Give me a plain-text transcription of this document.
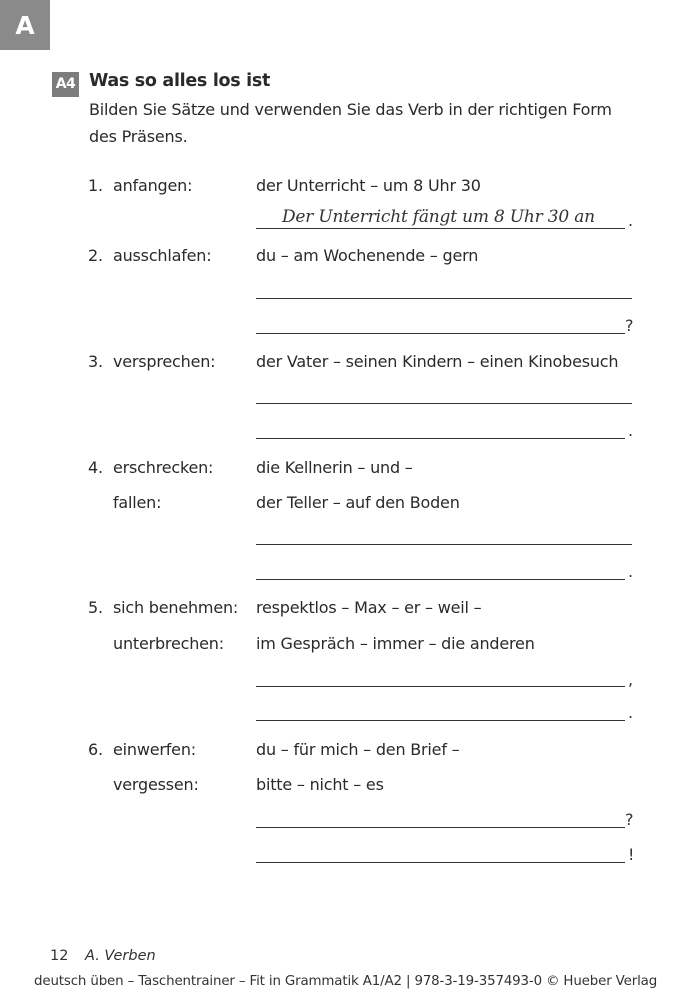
A
A4 Was so alles los ist
Bilden Sie Sätze und verwenden Sie das Verb in der richtigen Form
des Präsens.
1. anfangen:	der Unterricht – um 8 Uhr 30
Der Unterricht fängt um 8 Uhr 30 an .
2. ausschlafen:	du – am Wochenende – gern
?
3. versprechen:	der Vater – seinen Kindern – einen Kinobesuch
.
4. erschrecken:	die Kellnerin – und –
fallen:	der Teller – auf den Boden
.
5. sich benehmen: respektlos – Max – er – weil –
unterbrechen: im Gespräch – immer – die anderen
,
.
6. einwerfen:	du – für mich – den Brief –
vergessen:	bitte – nicht – es
?
!
12 A. Verben
deutsch üben – Taschentrainer – Fit in Grammatik A1/A2 | 978-3-19-357493-0 © Hueber Verlag
